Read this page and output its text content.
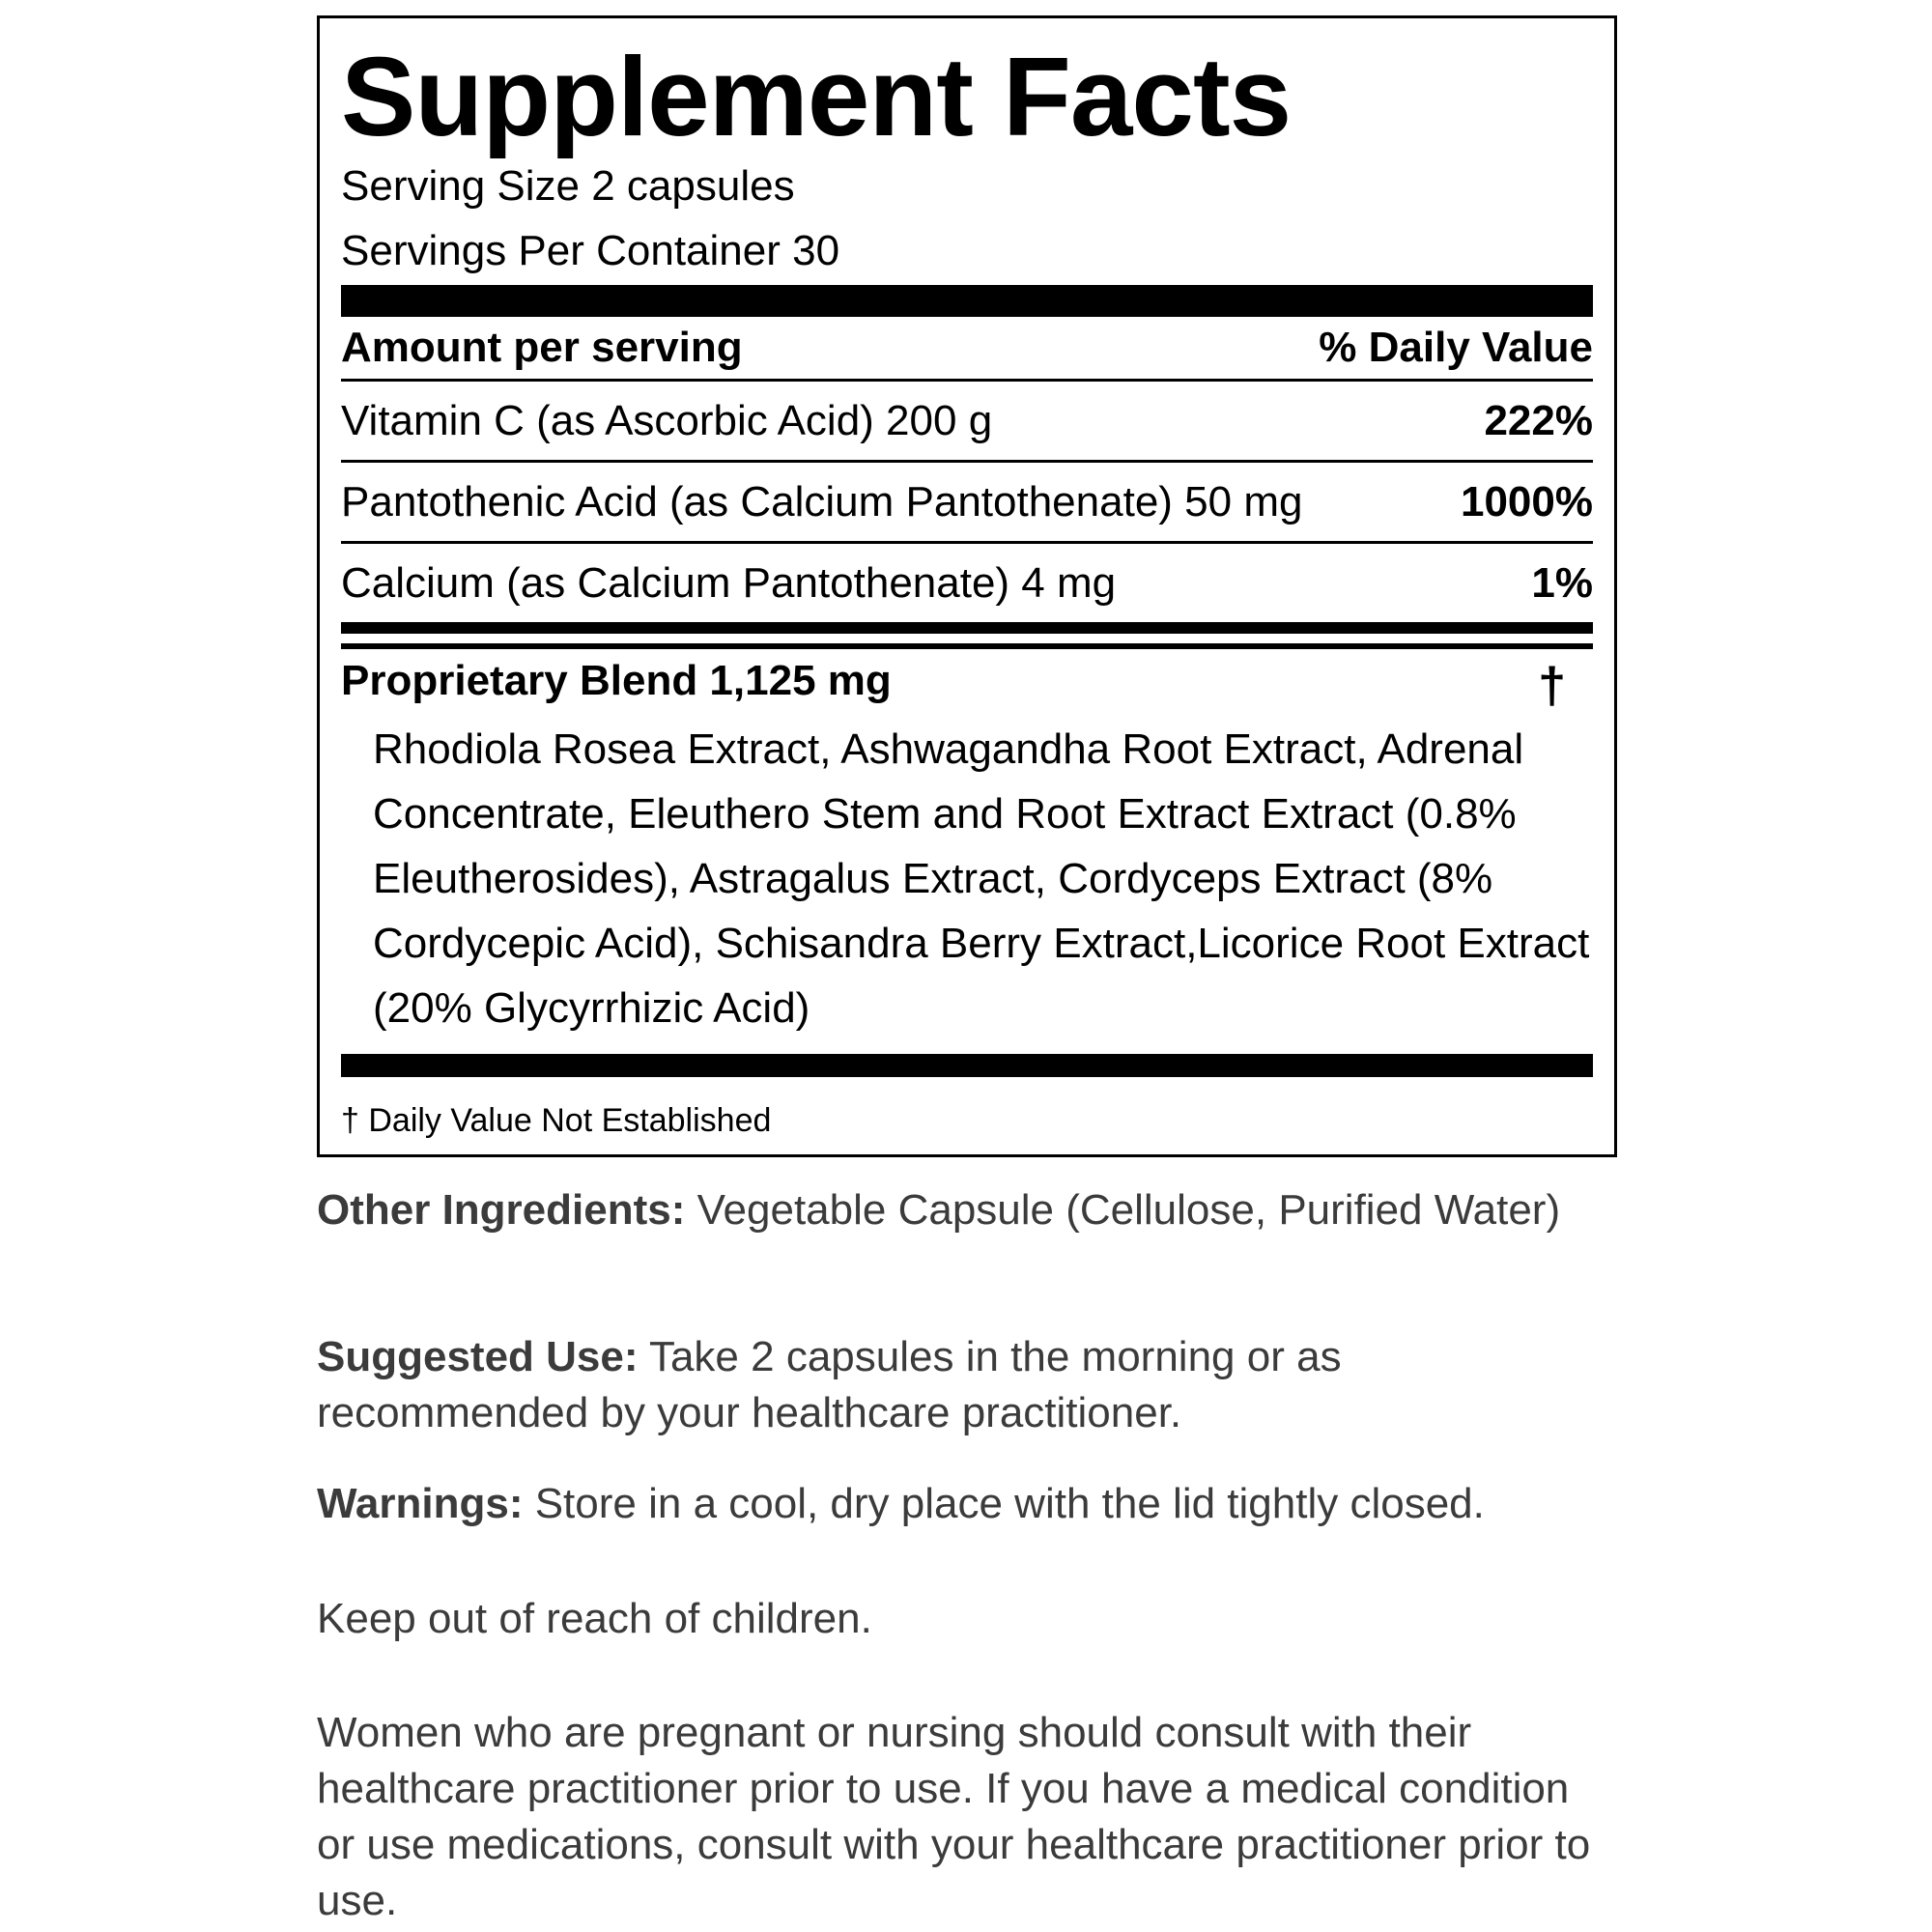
Supplement Facts
Serving Size 2 capsules
Servings Per Container 30
Amount per serving	% Daily Value
Vitamin C (as Ascorbic Acid) 200 g	222%
Pantothenic Acid (as Calcium Pantothenate) 50 mg	1000%
Calcium (as Calcium Pantothenate) 4 mg	1%
Proprietary Blend 1,125 mg	†
Rhodiola Rosea Extract, Ashwagandha Root Extract, Adrenal Concentrate, Eleuthero Stem and Root Extract Extract (0.8% Eleutherosides), Astragalus Extract, Cordyceps Extract (8% Cordycepic Acid), Schisandra Berry Extract,Licorice Root Extract (20% Glycyrrhizic Acid)
† Daily Value Not Established

Other Ingredients: Vegetable Capsule (Cellulose, Purified Water)

Suggested Use: Take 2 capsules in the morning or as recommended by your healthcare practitioner.

Warnings: Store in a cool, dry place with the lid tightly closed.

Keep out of reach of children.

Women who are pregnant or nursing should consult with their healthcare practitioner prior to use. If you have a medical condition or use medications, consult with your healthcare practitioner prior to use.
